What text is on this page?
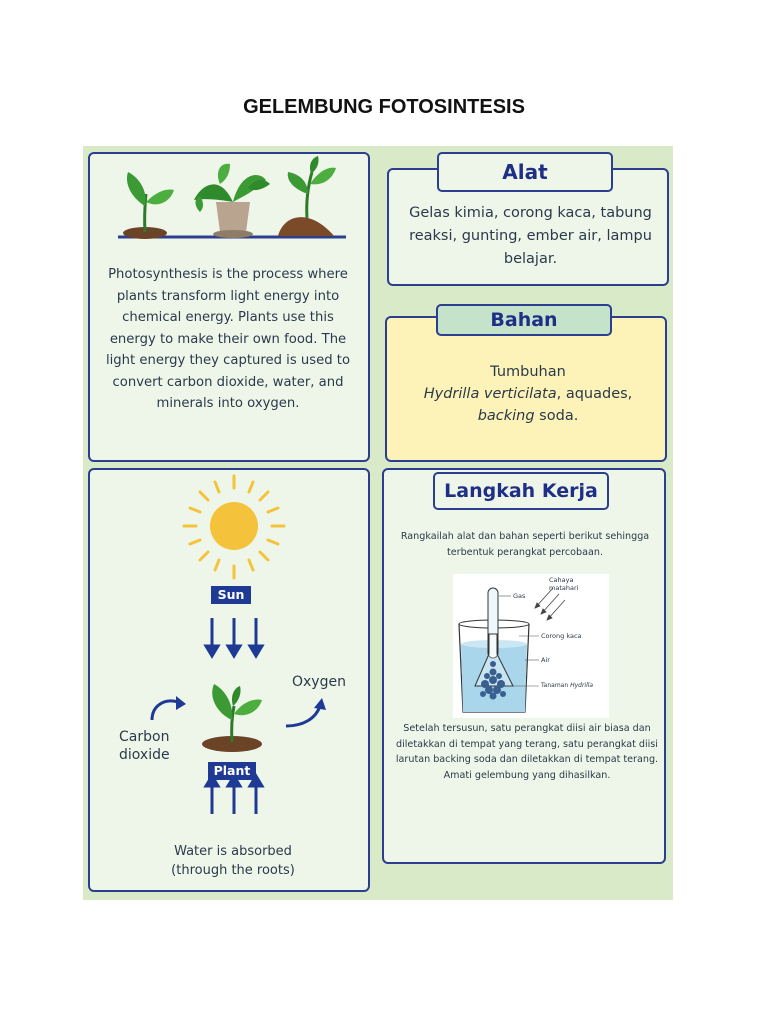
GELEMBUNG FOTOSINTESIS
Photosynthesis is the process where plants transform light energy into chemical energy. Plants use this energy to make their own food. The light energy they captured is used to convert carbon dioxide, water, and minerals into oxygen.
Alat
Gelas kimia, corong kaca, tabung reaksi, gunting, ember air, lampu belajar.
Bahan
Tumbuhan
Hydrilla verticilata, aquades,
backing soda.
Sun
Plant
Oxygen
Carbon
dioxide
Water is absorbed
(through the roots)
Langkah Kerja
Rangkailah alat dan bahan seperti berikut sehingga terbentuk perangkat percobaan.
Cahaya
matahari
Gas
Corong kaca
Air
Tanaman Hydrilla
Setelah tersusun, satu perangkat diisi air biasa dan diletakkan di tempat yang terang, satu perangkat diisi larutan backing soda dan diletakkan di tempat terang. Amati gelembung yang dihasilkan.
